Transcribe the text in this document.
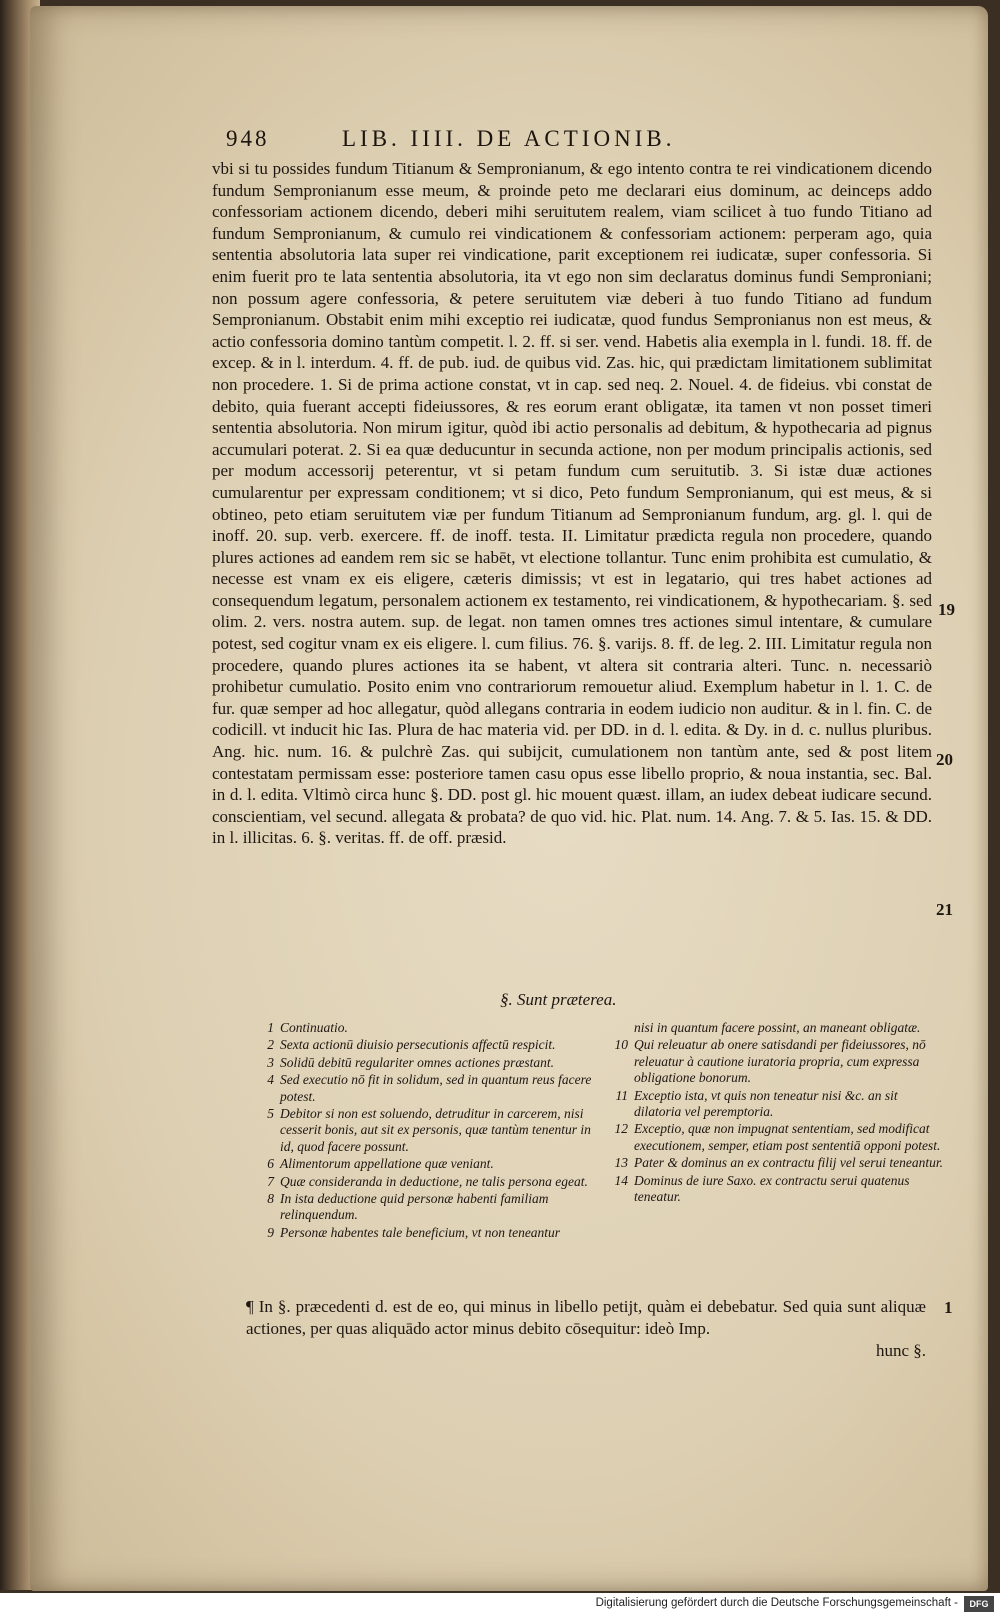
948	LIB. IIII. DE ACTIONIB.

vbi si tu possides fundum Titianum & Sempronianum, & ego intento contra te rei vindicationem dicendo fundum Sempronianum esse meum, & proinde peto me declarari eius dominum, ac deinceps addo confessoriam actionem dicendo, deberi mihi seruitutem realem, viam scilicet à tuo fundo Titiano ad fundum Sempronianum, & cumulo rei vindicationem & confessoriam actionem: perperam ago, quia sententia absolutoria lata super rei vindicatione, parit exceptionem rei iudicatæ, super confessoria. Si enim fuerit pro te lata sententia absolutoria, ita vt ego non sim declaratus dominus fundi Semproniani; non possum agere confessoria, & petere seruitutem viæ deberi à tuo fundo Titiano ad fundum Sempronianum. Obstabit enim mihi exceptio rei iudicatæ, quod fundus Sempronianus non est meus, & actio confessoria domino tantùm competit. l. 2. ff. si ser. vend. Habetis alia exempla in l. fundi. 18. ff. de excep. & in l. interdum. 4. ff. de pub. iud. de quibus vid. Zas. hic, qui prædictam limitationem sublimitat non procedere. 1. Si de prima actione constat, vt in cap. sed neq. 2. Nouel. 4. de fideius. vbi constat de debito, quia fuerant accepti fideiussores, & res eorum erant obligatæ, ita tamen vt non posset timeri sententia absolutoria. Non mirum igitur, quòd ibi actio personalis ad debitum, & hypothecaria ad pignus accumulari poterat. 2. Si ea quæ deducuntur in secunda actione, non per modum principalis actionis, sed per modum accessorij peterentur, vt si petam fundum cum seruitutib. 3. Si istæ duæ actiones cumularentur per expressam conditionem; vt si dico, Peto fundum Sempronianum, qui est meus, & si obtineo, peto etiam seruitutem viæ per fundum Titianum ad Sempronianum fundum, arg. gl. l. qui de inoff. 20. sup. verb. exercere. ff. de inoff. testa. II. Limitatur prædicta regula non procedere, quando plures actiones ad eandem rem sic se habēt, vt electione tollantur. Tunc enim prohibita est cumulatio, & necesse est vnam ex eis eligere, cæteris dimissis; vt est in legatario, qui tres habet actiones ad consequendum legatum, personalem actionem ex testamento, rei vindicationem, & hypothecariam. §. sed olim. 2. vers. nostra autem. sup. de legat. non tamen omnes tres actiones simul intentare, & cumulare potest, sed cogitur vnam ex eis eligere. l. cum filius. 76. §. varijs. 8. ff. de leg. 2. III. Limitatur regula non procedere, quando plures actiones ita se habent, vt altera sit contraria alteri. Tunc. n. necessariò prohibetur cumulatio. Posito enim vno contrariorum remouetur aliud. Exemplum habetur in l. 1. C. de fur. quæ semper ad hoc allegatur, quòd allegans contraria in eodem iudicio non auditur. & in l. fin. C. de codicill. vt inducit hic Ias. Plura de hac materia vid. per DD. in d. l. edita. & Dy. in d. c. nullus pluribus. Ang. hic. num. 16. & pulchrè Zas. qui subijcit, cumulationem non tantùm ante, sed & post litem contestatam permissam esse: posteriore tamen casu opus esse libello proprio, & noua instantia, sec. Bal. in d. l. edita. Vltimò circa hunc §. DD. post gl. hic mouent quæst. illam, an iudex debeat iudicare secund. conscientiam, vel secund. allegata & probata? de quo vid. hic. Plat. num. 14. Ang. 7. & 5. Ias. 15. & DD. in l. illicitas. 6. §. veritas. ff. de off. præsid.

19
20
21
§. Sunt præterea.
1 Continuatio.
2 Sexta actionū diuisio persecutionis affectū respicit.
3 Solidū debitū regulariter omnes actiones præstant.
4 Sed executio nō fit in solidum, sed in quantum reus facere potest.
5 Debitor si non est soluendo, detruditur in carcerem, nisi cesserit bonis, aut sit ex personis, quæ tantùm tenentur in id, quod facere possunt.
6 Alimentorum appellatione quæ veniant.
7 Quæ consideranda in deductione, ne talis persona egeat.
8 In ista deductione quid personæ habenti familiam relinquendum.
9 Personæ habentes tale beneficium, vt non teneantur
nisi in quantum facere possint, an maneant obligatæ.
10 Qui releuatur ab onere satisdandi per fideiussores, nō releuatur à cautione iuratoria propria, cum expressa obligatione bonorum.
11 Exceptio ista, vt quis non teneatur nisi &c. an sit dilatoria vel peremptoria.
12 Exceptio, quæ non impugnat sententiam, sed modificat executionem, semper, etiam post sententiā opponi potest.
13 Pater & dominus an ex contractu filij vel serui teneantur.
14 Dominus de iure Saxo. ex contractu serui quatenus teneatur.
¶ In §. præcedenti d. est de eo, qui minus in libello petijt, quàm ei debebatur. Sed quia sunt aliquæ actiones, per quas aliquādo actor minus debito cōsequitur: ideò Imp.
hunc §.
1
Digitalisierung gefördert durch die Deutsche Forschungsgemeinschaft -	DFG
